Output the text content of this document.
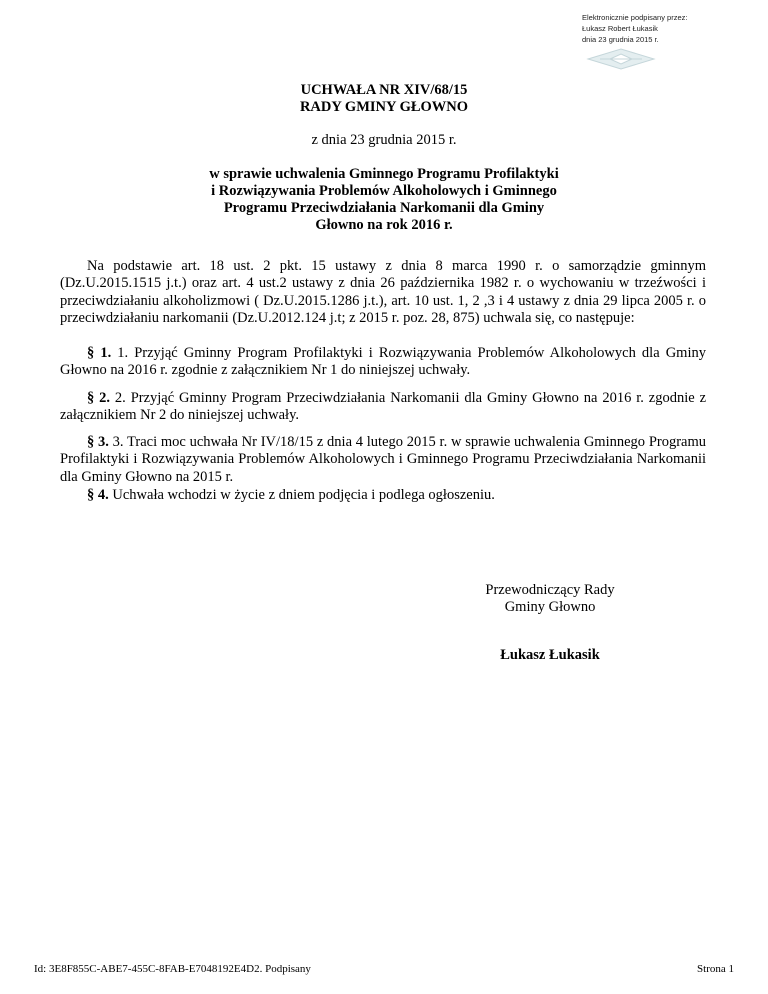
Elektronicznie podpisany przez:
Łukasz Robert Łukasik
dnia 23 grudnia 2015 r.
UCHWAŁA NR XIV/68/15
RADY GMINY GŁOWNO
z dnia 23 grudnia 2015 r.
w sprawie uchwalenia Gminnego Programu Profilaktyki
i Rozwiązywania Problemów Alkoholowych i Gminnego
Programu Przeciwdziałania Narkomanii dla Gminy
Głowno na rok 2016 r.
Na podstawie art. 18 ust. 2 pkt. 15 ustawy z dnia 8 marca 1990 r. o samorządzie gminnym (Dz.U.2015.1515 j.t.) oraz art. 4 ust.2 ustawy z dnia 26 października 1982 r. o wychowaniu w trzeźwości i przeciwdziałaniu alkoholizmowi ( Dz.U.2015.1286 j.t.), art. 10 ust. 1, 2 ,3 i 4 ustawy z dnia 29 lipca 2005 r. o przeciwdziałaniu narkomanii (Dz.U.2012.124 j.t; z 2015 r. poz. 28, 875) uchwala się, co następuje:
§ 1. 1. Przyjąć Gminny Program Profilaktyki i Rozwiązywania Problemów Alkoholowych dla Gminy Głowno na 2016 r. zgodnie z załącznikiem Nr 1 do niniejszej uchwały.
§ 2. 2. Przyjąć Gminny Program Przeciwdziałania Narkomanii dla Gminy Głowno na 2016 r. zgodnie z załącznikiem Nr 2 do niniejszej uchwały.
§ 3. 3. Traci moc uchwała Nr IV/18/15 z dnia 4 lutego 2015 r. w sprawie uchwalenia Gminnego Programu Profilaktyki i Rozwiązywania Problemów Alkoholowych i Gminnego Programu Przeciwdziałania Narkomanii dla Gminy Głowno na 2015 r.
§ 4. Uchwała wchodzi w życie z dniem podjęcia i podlega ogłoszeniu.
Przewodniczący Rady
Gminy Głowno
Łukasz Łukasik
Id: 3E8F855C-ABE7-455C-8FAB-E7048192E4D2. Podpisany	Strona 1
